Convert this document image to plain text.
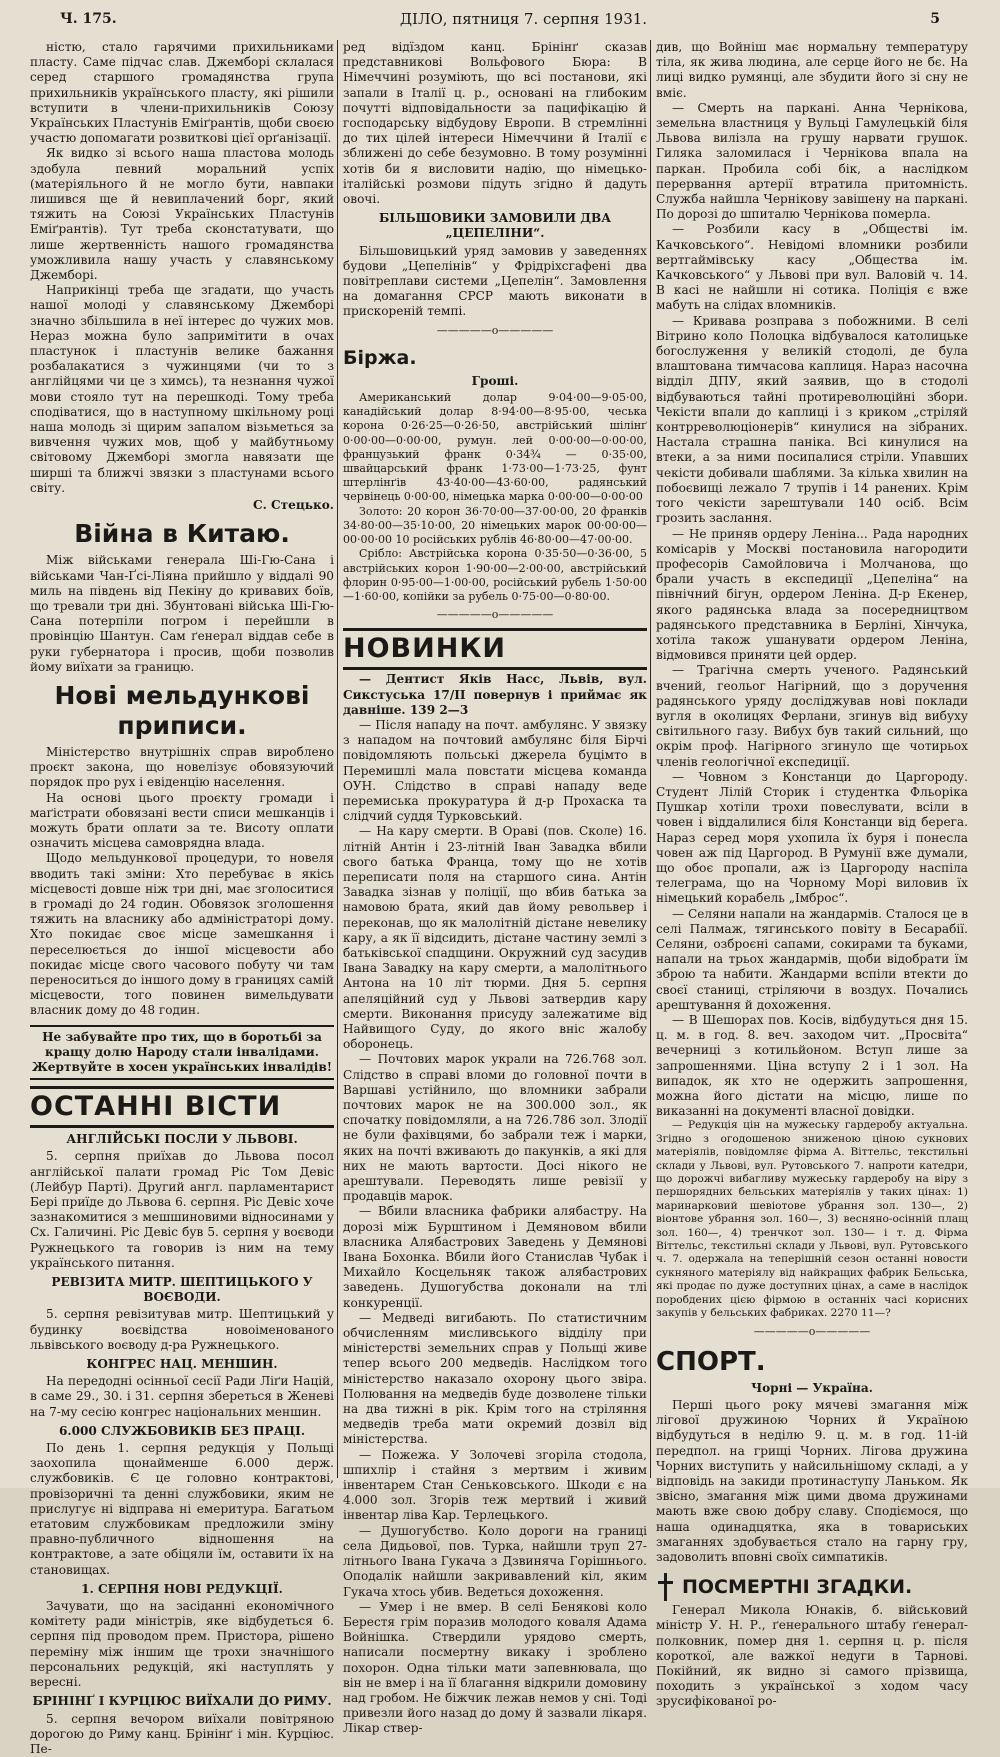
Ч. 175.	ДІЛО, пятниця 7. серпня 1931.	5

ністю, стало гарячими прихильниками пласту. Саме підчас слав. Джемборі склалася серед старшого громадянства група прихильників українського пласту, які рішили вступити в члени-прихильників Союзу Українських Пластунів Еміґрантів, щоби своєю участю допомагати розвиткові цієї орґанізації.

Як видко зі всього наша пластова молодь здобула певний моральний успіх (матеріяльного й не могло бути, навпаки лишився ще й невиплачений борг, який тяжить на Союзі Українських Пластунів Еміґрантів). Тут треба сконстатувати, що лише жертвенність нашого громадянства уможливила нашу участь у славянському Джемборі.

Наприкінці треба ще згадати, що участь нашої молоді у славянському Джемборі значно збільшила в неї інтерес до чужих мов. Нераз можна було запримітити в очах пластунок і пластунів велике бажання розбалакатися з чужинцями (чи то з англійцями чи це з химсь), та незнання чужої мови стояло тут на перешкоді. Тому треба сподіватися, що в наступному шкільному році наша молодь зі щирим запалом візьметься за вивчення чужих мов, щоб у майбутньому світовому Джемборі змогла навязати ще ширші та ближчі звязки з пластунами всього світу.

С. Стецько.
Війна в Китаю.

Між військами генерала Ші-Гю-Сана і військами Чан-Ґсі-Ліяна прийшло у віддалі 90 миль на південь від Пекіну до кривавих боїв, що тревали три дні. Збунтовані війська Ші-Гю-Сана потерпіли погром і перейшли в провінцію Шантун. Сам ґенерал віддав себе в руки губернатора і просив, щоби позволив йому виїхати за границю.

Нові мельдункові приписи.

Міністерство внутрішніх справ вироблено проєкт закона, що новелізує обовязуючий порядок про рух і евіденцію населення.

На основі цього проєкту громади і маґістрати обовязані вести списи мешканців і можуть брати оплати за те. Висоту оплати означить місцева самоврядна влада.

Щодо мельдункової процедури, то новеля вводить такі зміни: Хто перебуває в якісь місцевості довше ніж три дні, має зголоситися в громаді до 24 годин. Обовязок зголошення тяжить на власнику або адміністраторі дому. Хто покидає своє місце замешкання і переселюється до іншої місцевости або покидає місце свого часового побуту чи там переноситься до іншого дому в границях самій місцевости, того повинен вимельдувати власник дому до 48 годин.

Не забувайте про тих, що в боротьбі за кращу долю Народу стали інвалідами. Жертвуйте в хосен українських інвалідів!
ОСТАННІ ВІСТИ
АНГЛІЙСЬКІ ПОСЛИ У ЛЬВОВІ.

5. серпня приїхав до Львова посол англійської палати громад Ріс Том Девіс (Лейбур Парті). Другий англ. парламентарист Бері приїде до Львова 6. серпня. Ріс Девіс хоче зазнакомитися з мешшиновими відносинами у Сх. Галичині. Ріс Девіс був 5. серпня у воєводи Ружнецького та говорив із ним на тему українського питання.

РЕВІЗИТА МИТР. ШЕПТИЦЬКОГО У ВОЄВОДИ.

5. серпня ревізитував митр. Шептицький у будинку воєвідства новоіменованого львівського воєводу д-ра Ружнецького.

КОНГРЕС НАЦ. МЕНШИН.

На передодні осінньої сесії Ради Ліґи Націй, в саме 29., 30. і 31. серпня збереться в Женеві на 7-му сесію конгрес національних меншин.

6.000 СЛУЖБОВИКІВ БЕЗ ПРАЦІ.

По день 1. серпня редукція у Польщі заохопила щонайменше 6.000 держ. службовиків. Є це головно контрактові, провізоричні та денні службовики, яким не прислугує ні відправа ні емеритура. Багатьом етатовим службовикам предложили зміну правно-публичного відношення на контрактове, а зате обіцяли їм, оставити їх на становищах.

1. СЕРПНЯ НОВІ РЕДУКЦІЇ.

Зачувати, що на засіданні економічного комітету ради міністрів, яке відбудеться 6. серпня під проводом прем. Пристора, рішено переміну між іншим ще трохи значнішого персональних редукцій, які наступлять у вересні.

БРІНІНҐ І КУРЦІЮС ВИЇХАЛИ ДО РИМУ.

5. серпня вечором виїхали повітряною дорогою до Риму канц. Брінінґ і мін. Курціюс. Пе-

ред відїздом канц. Брінінґ сказав представникові Вольфового Бюра: В Німеччині розуміють, що всі постанови, які запали в Італії ц. р., основані на глибоким почутті відповідальности за пацифікацію й господарську відбудову Европи. В стремлінні до тих цілей інтереси Німеччини й Італії є зближені до себе безумовно. В тому розумінні хотів би я висловити надію, що німецько-італійські розмови підуть згідно й дадуть овочі.

БІЛЬШОВИКИ ЗАМОВИЛИ ДВА „ЦЕПЕЛІНИ“.

Більшовицький уряд замовив у заведеннях будови „Цепелінів“ у Фрідріхсгафені два повітреплави системи „Цепелін“. Замовлення на домагання СРСР мають виконати в прискореній темпі.

—————o—————
Біржа.
Гроші.

Американський долар 9·04·00—9·05·00, канадійський долар 8·94·00—8·95·00, чеська корона 0·26·25—0·26·50, австрійський шілінґ 0·00·00—0·00·00, румун. лей 0·00·00—0·00·00, французький франк 0·34¾ — 0·35·00, швайцарський франк 1·73·00—1·73·25, фунт штерлінґів 43·40·00—43·60·00, радянський червінець 0·00·00, німецька марка 0·00·00—0·00·00

Золото: 20 корон 36·70·00—37·00·00, 20 франків 34·80·00—35·10·00, 20 німецьких марок 00·00·00—00·00·00 10 російських рублів 46·80·00—47·00·00.

Срібло: Австрійська корона 0·35·50—0·36·00, 5 австрійських корон 1·90·00—2·00·00, австрійський флорин 0·95·00—1·00·00, російський рубель 1·50·00—1·60·00, копійки за рубель 0·75·00—0·80·00.

—————o—————
НОВИНКИ

— Дентист Яків Насс, Львів, вул. Сикстуська 17/ІІ повернув і приймає як давніше. 139 2—3

— Після нападу на почт. амбулянс. У звязку з нападом на почтовий амбулянс біля Бірчі повідомляють польські джерела буцімто в Перемишлі мала повстати місцева команда ОУН. Слідство в справі нападу веде перемиська прокуратура й д-р Прохаска та слідчий суддя Турковський.

— На кару смерти. В Оравi (пов. Сколе) 16. літній Антін і 23-літній Іван Завадка вбили свого батька Франца, тому що не хотів переписати поля на старшого сина. Антін Завадка зізнав у поліції, що вбив батька за намовою брата, який дав йому револьвер і переконав, що як малолітній дістане невелику кару, а як її відсидить, дістане частину землі з батьківської спадщини. Окружний суд засудив Івана Завадку на кару смерти, а малолітнього Антона на 10 літ тюрми. Дня 5. серпня апеляційний суд у Львові затвердив кару смерти. Виконання присуду залежатиме від Найвищого Суду, до якого вніс жалобу оборонець.

— Почтових марок украли на 726.768 зол. Слідство в справі вломи до головної почти в Варшаві устійнило, що вломники забрали почтових марок не на 300.000 зол., як спочатку повідомляли, а на 726.786 зол. Злодії не були фахівцями, бо забрали теж і марки, яких на почті вживають до пакунків, а які для них не мають вартости. Досі нікого не арештували. Переводять лише ревізії у продавців марок.

— Вбили власника фабрики алябастру. На дорозі між Бурштином і Демяновом вбили власника Алябастрових Заведень у Демянові Івана Бохонка. Вбили його Станислав Чубак і Михайло Косцельняк також алябастрових заведень. Душогубства доконали на тлі конкуренції.

— Медведі вигибають. По статистичним обчисленням мисливського відділу при міністерстві земельних справ у Польщі живе тепер всього 200 медведів. Наслідком того міністерство наказало охорону цього звіра. Полювання на медведів буде дозволене тільки на два тижні в рік. Крім того на стріляння медведів треба мати окремий дозвіл від міністерства.

— Пожежа. У Золочеві згоріла стодола, шпихлір і стайня з мертвим і живим інвентарем Стан Сеньковського. Шкоди є на 4.000 зол. Згорів теж мертвий і живий інвентар ліва Кар. Терлецького.

— Душогубство. Коло дороги на границі села Дидьової, пов. Турка, найшли труп 27-літнього Івана Гукача з Дзвиняча Горішнього. Оподалік найшли закривавлений кіл, яким Гукача хтось убив. Ведеться дохоження.

— Умер і не вмер. В селі Бенякові коло Берестя грім поразив молодого коваля Адама Войнішка. Ствердили урядово смерть, написали посмертну викаку і зроблено похорон. Одна тільки мати запевнювала, що він не вмер і на її благання відкрили домовину над гробом. Не біжчик лежав немов у сні. Тоді привезли його назад до дому й зазвали лікаря. Лікар ствер-

див, що Войніш має нормальну температуру тіла, як жива людина, але серце його не бє. На лиці видко румянці, але збудити його зі сну не вміє.

— Смерть на паркані. Анна Чернікова, земельна властниця у Вульці Гамулецькій біля Львова вилізла на грушу нарвати грушок. Гиляка заломилася і Чернікова впала на паркан. Пробила собі бік, а наслідком перервання артерії втратила притомність. Служба найшла Чернікову завішену на паркані. По дорозі до шпиталю Чернікова померла.

— Розбили касу в „Обществі ім. Качковського“. Невідомі вломники розбили вертгаймівську касу „Общества ім. Качковського“ у Львові при вул. Валовій ч. 14. В касі не найшли ні сотика. Поліція є вже мабуть на слідах вломників.

— Кривава розправа з побожними. В селі Вітрино коло Полоцка відбувалося католицьке богослуження у великій стодолі, де була влаштована тимчасова каплиця. Нараз насочна відділ ДПУ, який заявив, що в стодолі відбуваються тайні протиреволюційні збори. Чекісти впали до каплиці і з криком „стріляй контрреволюціонерів“ кинулися на зібраних. Настала страшна паніка. Всі кинулися на втеки, а за ними посипалися стріли. Упавших чекісти добивали шаблями. За кілька хвилин на побоєвищі лежало 7 трупів і 14 ранених. Крім того чекісти зарештували 140 осіб. Всім грозить заслання.

— Не приняв ордеру Леніна... Рада народних комісарів у Москві постановила нагородити професорів Самойловича і Молчанова, що брали участь в експедиції „Цепеліна“ на північний бігун, ордером Леніна. Д-р Екенер, якого радянська влада за посередництвом радянського представника в Берліні, Хінчука, хотіла також ушанувати ордером Леніна, відмовився приняти цей ордер.

— Трагічна смерть ученого. Радянський вчений, геольог Нагірний, що з доручення радянського уряду досліджував нові поклади вугля в околицях Ферлани, згинув від вибуху світильного газу. Вибух був такий сильний, що окрім проф. Нагірного згинуло ще чотирьох членів геологічної експедиції.

— Човном з Констанци до Царгороду. Студент Лілій Сторик і студентка Фльоріка Пушкар хотіли трохи повеслувати, всіли в човен і віддалилися біля Констанци від берега. Нараз серед моря ухопила їх буря і понесла човен аж під Царгород. В Румунії вже думали, що обоє пропали, аж із Царгороду наспіла телеграма, що на Чорному Морі виловив їх німецький корабель „Імброс“.

— Селяни напали на жандармів. Сталося це в селі Палмаж, тягинського повіту в Бесарабії. Селяни, озброєні сапами, сокирами та буками, напали на трьох жандармів, щоби відобрати їм зброю та набити. Жандарми вспіли втекти до своєї станиці, стріляючи в воздух. Почались арештування й дохоження.

— В Шешорах пов. Косів, відбудуться дня 15. ц. м. в год. 8. веч. заходом чит. „Просвіта“ вечерниці з котильйоном. Вступ лише за запрошеннями. Ціна вступу 2 і 1 зол. На випадок, як хто не одержить запрошення, можна його дістати на місцю, лише по виказанні на документі власної довідки.

— Редукція цін на мужеську гардеробу актуальна. Згідно з огодошеною зниженою ціною сукнових матеріялів, повідомляє фірма А. Віттельс, текстильні склади у Львові, вул. Рутовського 7. напроти катедри, що дорожчі вибагливу мужеську гардеробу на віру з першорядних бельських матеріялів у таких цінах: 1) маринарковий шевіотове убрання зол. 130—, 2) віонтове убрання зол. 160—, 3) весняно-осінній плащ зол. 160—, 4) тренчкот зол. 130— і т. д. Фірма Віттельс, текстильні склади у Львові, вул. Рутовського ч. 7. одержала на теперішній сезон останні новости сукняного матеріялу від найкращих фабрик Бельська, які продає по дуже доступних цінах, а саме в наслідок поробдених цією фірмою в останніх часі корисних закупів у бельських фабриках. 2270 11—?

—————o—————
СПОРТ.
Чорні — Україна.

Перші цього року мячеві змагання між лігової дружиною Чорних й Україною відбудуться в неділю 9. ц. м. в год. 11-ій передпол. на грищі Чорних. Лігова дружина Чорних виступить у найсильнішому складі, а у відповідь на закиди протинаступу Ланьком. Як звісно, змагання між цими двома дружинами мають вже свою добру славу. Сподіємося, що наша одинадцятка, яка в товариських змаганнях здобувається стало на гарну гру, задоволить вповні своїх симпатиків.

ПОСМЕРТНІ ЗГАДКИ.

Генерал Микола Юнаків, б. військовий міністр У. Н. Р., ґенерального штабу ґенерал-полковник, помер дня 1. серпня ц. р. після короткої, але важкої недуги в Тарнові. Покійний, як видно зі самого прізвища, походить з української з ходом часу зрусифікованої ро-
